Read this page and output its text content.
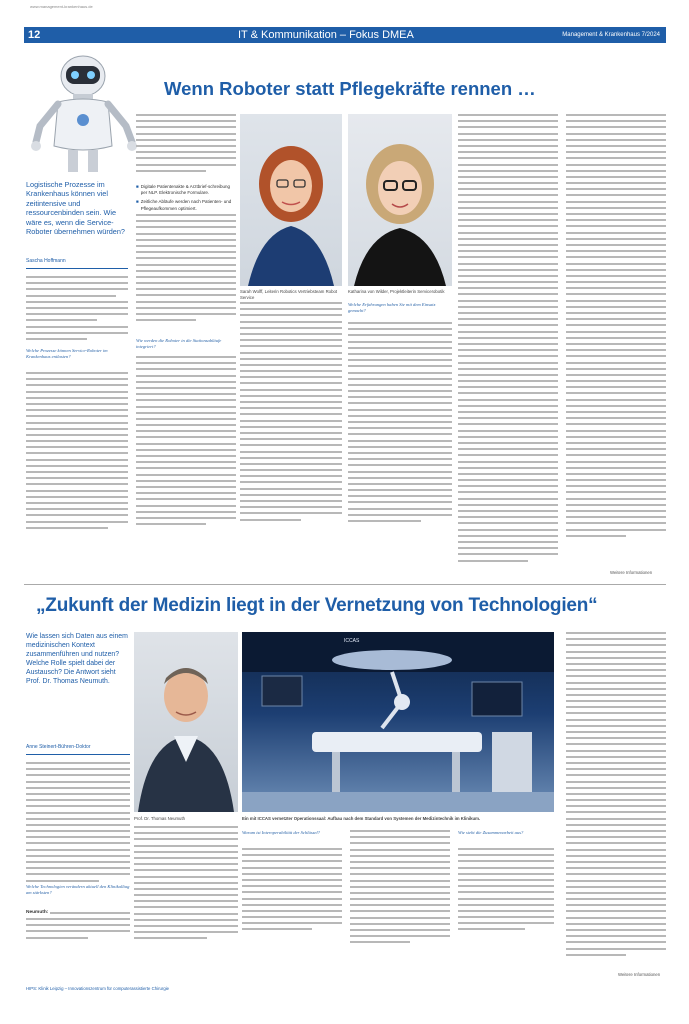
www.management-krankenhaus.de
12	IT & Kommunikation – Fokus DMEA	Management & Krankenhaus 7/2024
Wenn Roboter statt Pflegekräfte rennen …
Logistische Prozesse im Krankenhaus können viel zeitintensive und ressourcenbinden sein. Wie wäre es, wenn die Service-Roboter übernehmen würden?
Sascha Hoffmann
Welche Prozesse können Service-Roboter im Krankenhaus entlasten?
■ Digitale Patientenakte & Arztbrief-schreibung per NLP. Elektronische Formulare.
■ Zeitliche Abläufe werden nach Patienten- und Pflegeaufkommen optimiert.
Wie werden die Roboter in die Stationsabläufe integriert?
Sarah Wolff, Leiterin Robotics Vertriebsteam Robot Service
Katharina von Wilder, Projektleiterin Servicerobotik
Welche Erfahrungen haben Sie mit dem Einsatz gemacht?
Weitere Informationen
„Zukunft der Medizin liegt in der Vernetzung von Technologien“
Wie lassen sich Daten aus einem medizinischen Kontext zusammenführen und nutzen? Welche Rolle spielt dabei der Austausch? Die Antwort sieht Prof. Dr. Thomas Neumuth.
Anne Steinert-Bühren-Doktor
Welche Technologien verändern aktuell den Klinikalltag am stärksten?
Neumuth:
Prof. Dr. Thomas Neumuth
ICCAS
Ein mit ICCAS vernetzter Operationssaal: Aufbau nach dem Standard von Systemen der Medizintechnik im Klinikum.
Warum ist Interoperabilität der Schlüssel?	Wie sieht die Zusammenarbeit aus?
Weitere Informationen
HIPS: Klinik Leipzig – Innovationszentrum für computerassistierte Chirurgie
